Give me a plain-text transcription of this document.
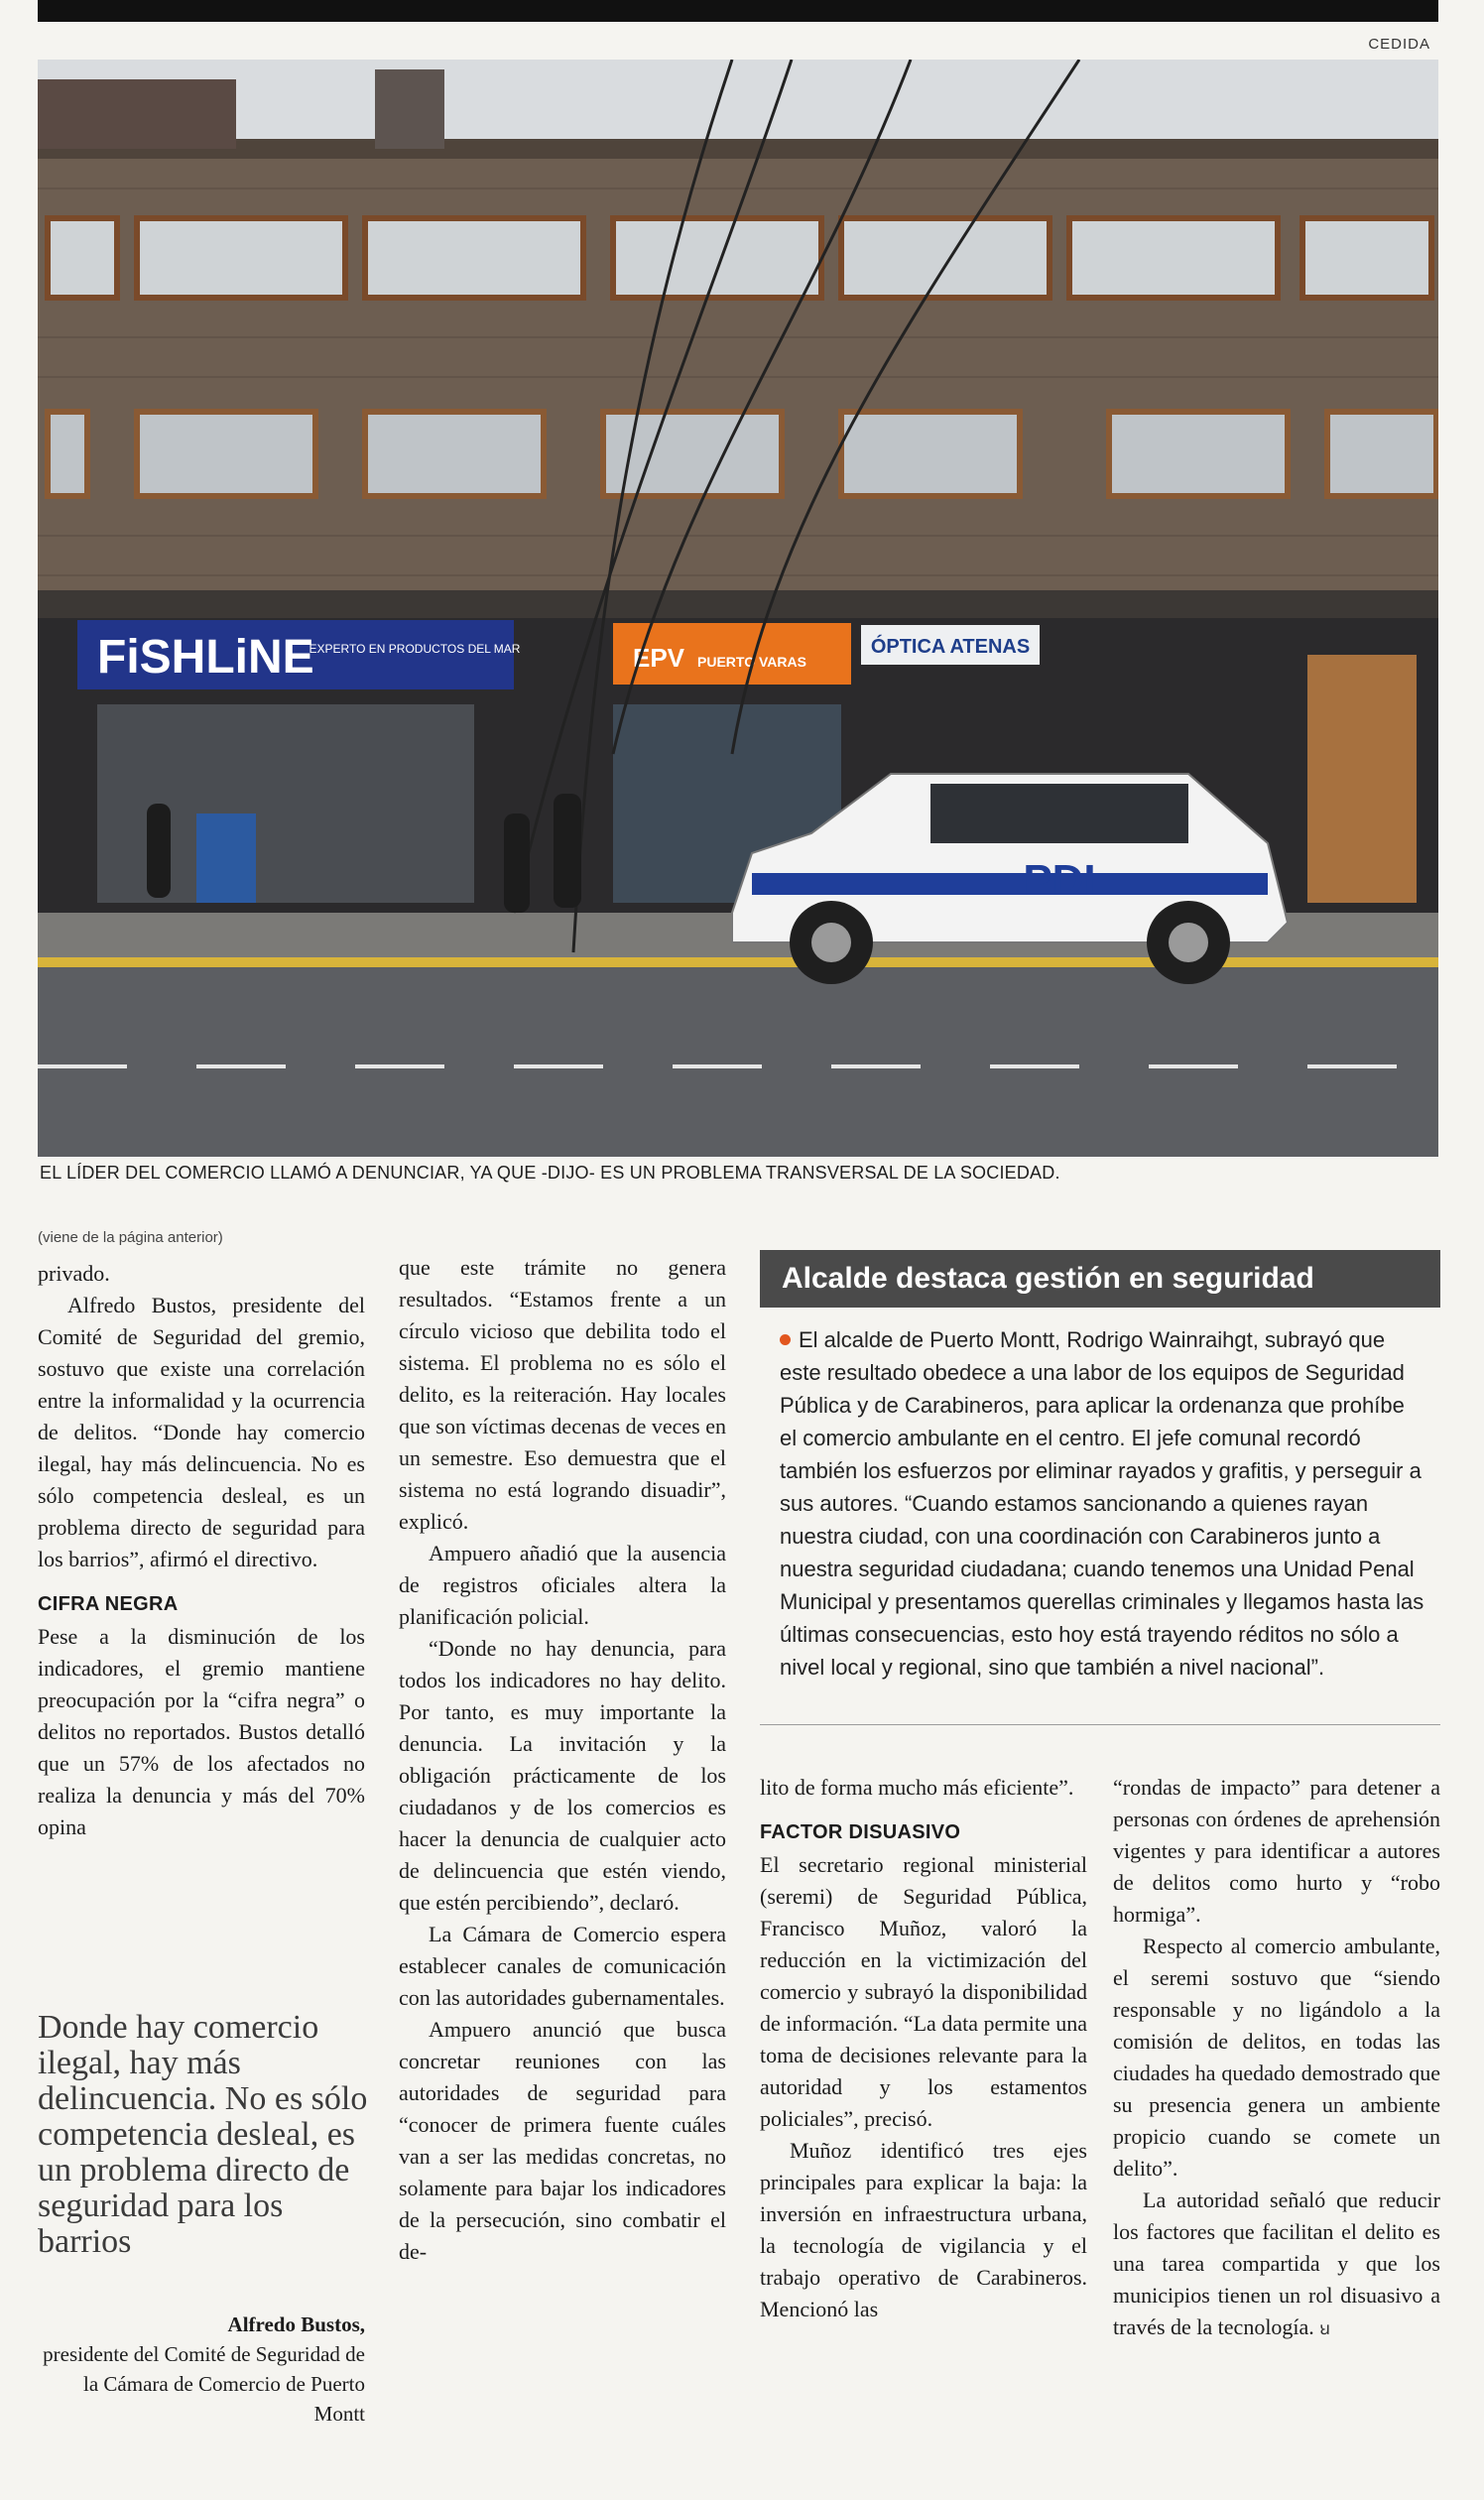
CEDIDA
FiSHLiNE
EXPERTO EN PRODUCTOS DEL MAR	EPV PUERTO VARAS
ÓPTICA ATENAS
PDI
EL LÍDER DEL COMERCIO LLAMÓ A DENUNCIAR, YA QUE -DIJO- ES UN PROBLEMA TRANSVERSAL DE LA SOCIEDAD.
(viene de la página anterior)

privado.

Alfredo Bustos, presidente del Comité de Seguridad del gremio, sostuvo que existe una correlación entre la informalidad y la ocurrencia de delitos. “Donde hay comercio ilegal, hay más delincuencia. No es sólo competencia desleal, es un problema directo de seguridad para los barrios”, afirmó el directivo.

CIFRA NEGRA

Pese a la disminución de los indicadores, el gremio mantiene preocupación por la “cifra negra” o delitos no reportados. Bustos detalló que un 57% de los afectados no realiza la denuncia y más del 70% opina

Donde hay comercio ilegal, hay más delincuencia. No es sólo competencia desleal, es un problema directo de seguridad para los barrios
Alfredo Bustos,
presidente del Comité de Seguridad de la Cámara de Comercio de Puerto Montt

que este trámite no genera resultados. “Estamos frente a un círculo vicioso que debilita todo el sistema. El problema no es sólo el delito, es la reiteración. Hay locales que son víctimas decenas de veces en un semestre. Eso demuestra que el sistema no está logrando disuadir”, explicó.

Ampuero añadió que la ausencia de registros oficiales altera la planificación policial.

“Donde no hay denuncia, para todos los indicadores no hay delito. Por tanto, es muy importante la denuncia. La invitación y la obligación prácticamente de los ciudadanos y de los comercios es hacer la denuncia de cualquier acto de delincuencia que estén viendo, que estén percibiendo”, declaró.

La Cámara de Comercio espera establecer canales de comunicación con las autoridades gubernamentales.

Ampuero anunció que busca concretar reuniones con las autoridades de seguridad para “conocer de primera fuente cuáles van a ser las medidas concretas, no solamente para bajar los indicadores de la persecución, sino combatir el de-

Alcalde destaca gestión en seguridad
El alcalde de Puerto Montt, Rodrigo Wainraihgt, subrayó que este resultado obedece a una labor de los equipos de Seguridad Pública y de Carabineros, para aplicar la ordenanza que prohíbe el comercio ambulante en el centro. El jefe comunal recordó también los esfuerzos por eliminar rayados y grafitis, y perseguir a sus autores. “Cuando estamos sancionando a quienes rayan nuestra ciudad, con una coordinación con Carabineros junto a nuestra seguridad ciudadana; cuando tenemos una Unidad Penal Municipal y presentamos querellas criminales y llegamos hasta las últimas consecuencias, esto hoy está trayendo réditos no sólo a nivel local y regional, sino que también a nivel nacional”.

lito de forma mucho más eficiente”.

FACTOR DISUASIVO

El secretario regional ministerial (seremi) de Seguridad Pública, Francisco Muñoz, valoró la reducción en la victimización del comercio y subrayó la disponibilidad de información. “La data permite una toma de decisiones relevante para la autoridad y los estamentos policiales”, precisó.

Muñoz identificó tres ejes principales para explicar la baja: la inversión en infraestructura urbana, la tecnología de vigilancia y el trabajo operativo de Carabineros. Mencionó las

“rondas de impacto” para detener a personas con órdenes de aprehensión vigentes y para identificar a autores de delitos como hurto y “robo hormiga”.

Respecto al comercio ambulante, el seremi sostuvo que “siendo responsable y no ligándolo a la comisión de delitos, en todas las ciudades ha quedado demostrado que su presencia genera un ambiente propicio cuando se comete un delito”.

La autoridad señaló que reducir los factores que facilitan el delito es una tarea compartida y que los municipios tienen un rol disuasivo a través de la tecnología. ꞟ
